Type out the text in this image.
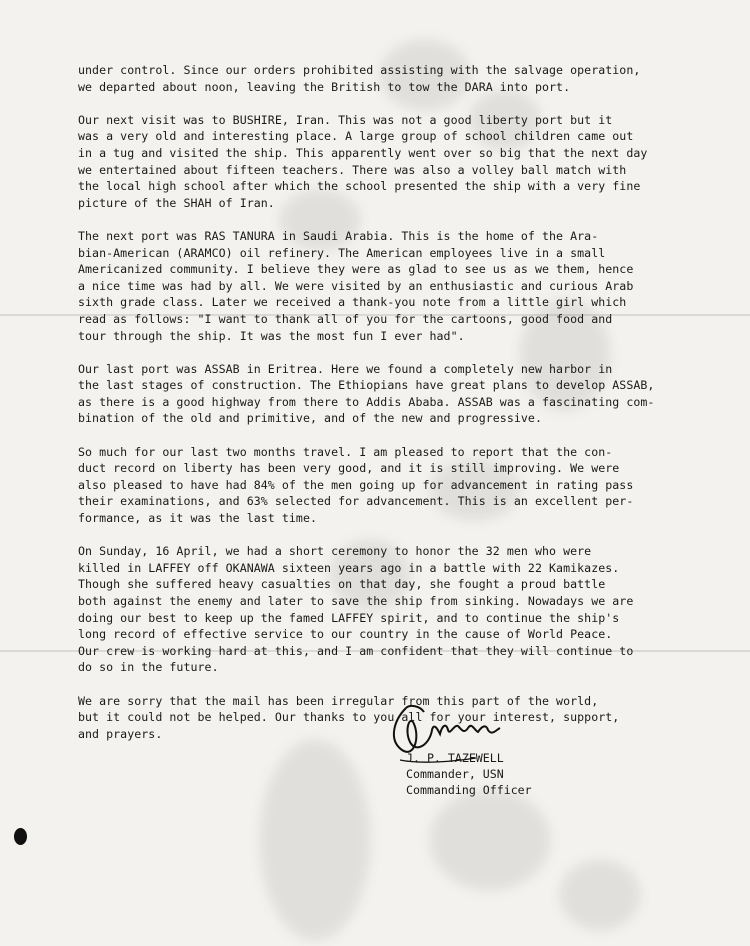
under control. Since our orders prohibited assisting with the salvage operation,
we departed about noon, leaving the British to tow the DARA into port.

Our next visit was to BUSHIRE, Iran. This was not a good liberty port but it
was a very old and interesting place. A large group of school children came out
in a tug and visited the ship. This apparently went over so big that the next day
we entertained about fifteen teachers. There was also a volley ball match with
the local high school after which the school presented the ship with a very fine
picture of the SHAH of Iran.

The next port was RAS TANURA in Saudi Arabia. This is the home of the Ara-
bian-American (ARAMCO) oil refinery. The American employees live in a small
Americanized community. I believe they were as glad to see us as we them, hence
a nice time was had by all. We were visited by an enthusiastic and curious Arab
sixth grade class. Later we received a thank-you note from a little girl which
read as follows: "I want to thank all of you for the cartoons, good food and
tour through the ship. It was the most fun I ever had".

Our last port was ASSAB in Eritrea. Here we found a completely new harbor in
the last stages of construction. The Ethiopians have great plans to develop ASSAB,
as there is a good highway from there to Addis Ababa. ASSAB was a fascinating com-
bination of the old and primitive, and of the new and progressive.

So much for our last two months travel. I am pleased to report that the con-
duct record on liberty has been very good, and it is still improving. We were
also pleased to have had 84% of the men going up for advancement in rating pass
their examinations, and 63% selected for advancement. This is an excellent per-
formance, as it was the last time.

On Sunday, 16 April, we had a short ceremony to honor the 32 men who were
killed in LAFFEY off OKANAWA sixteen years ago in a battle with 22 Kamikazes.
Though she suffered heavy casualties on that day, she fought a proud battle
both against the enemy and later to save the ship from sinking. Nowadays we are
doing our best to keep up the famed LAFFEY spirit, and to continue the ship's
long record of effective service to our country in the cause of World Peace.
Our crew is working hard at this, and I am confident that they will continue to
do so in the future.

We are sorry that the mail has been irregular from this part of the world,
but it could not be helped. Our thanks to you all for your interest, support,
and prayers.

J. P. TAZEWELL
Commander, USN
Commanding Officer
